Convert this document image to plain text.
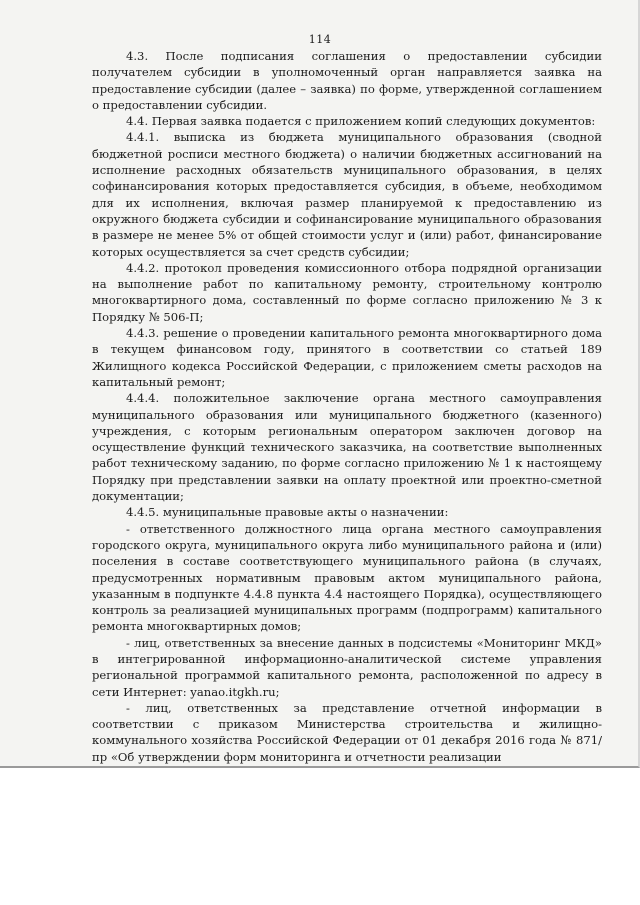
114

4.3. После подписания соглашения о предоставлении субсидии получателем субсидии в уполномоченный орган направляется заявка на предоставление субсидии (далее – заявка) по форме, утвержденной соглашением о предоставлении субсидии.

4.4. Первая заявка подается с приложением копий следующих документов:

4.4.1. выписка из бюджета муниципального образования (сводной бюджетной росписи местного бюджета) о наличии бюджетных ассигнований на исполнение расходных обязательств муниципального образования, в целях софинансирования которых предоставляется субсидия, в объеме, необходимом для их исполнения, включая размер планируемой к предоставлению из окружного бюджета субсидии и софинансирование муниципального образования в размере не менее 5% от общей стоимости услуг и (или) работ, финансирование которых осуществляется за счет средств субсидии;

4.4.2. протокол проведения комиссионного отбора подрядной организации на выполнение работ по капитальному ремонту, строительному контролю многоквартирного дома, составленный по форме согласно приложению № 3 к Порядку № 506-П;

4.4.3. решение о проведении капитального ремонта многоквартирного дома в текущем финансовом году, принятого в соответствии со статьей 189 Жилищного кодекса Российской Федерации, с приложением сметы расходов на капитальный ремонт;

4.4.4. положительное заключение органа местного самоуправления муниципального образования или муниципального бюджетного (казенного) учреждения, с которым региональным оператором заключен договор на осуществление функций технического заказчика, на соответствие выполненных работ техническому заданию, по форме согласно приложению № 1 к настоящему Порядку при представлении заявки на оплату проектной или проектно-сметной документации;

4.4.5. муниципальные правовые акты о назначении:

- ответственного должностного лица органа местного самоуправления городского округа, муниципального округа либо муниципального района и (или) поселения в составе соответствующего муниципального района (в случаях, предусмотренных нормативным правовым актом муниципального района, указанным в подпункте 4.4.8 пункта 4.4 настоящего Порядка), осуществляющего контроль за реализацией муниципальных программ (подпрограмм) капитального ремонта многоквартирных домов;

- лиц, ответственных за внесение данных в подсистемы «Мониторинг МКД» в интегрированной информационно-аналитической системе управления региональной программой капитального ремонта, расположенной по адресу в сети Интернет: yanao.itgkh.ru;

- лиц, ответственных за представление отчетной информации в соответствии с приказом Министерства строительства и жилищно-коммунального хозяйства Российской Федерации от 01 декабря 2016 года № 871/пр «Об утверждении форм мониторинга и отчетности реализации
